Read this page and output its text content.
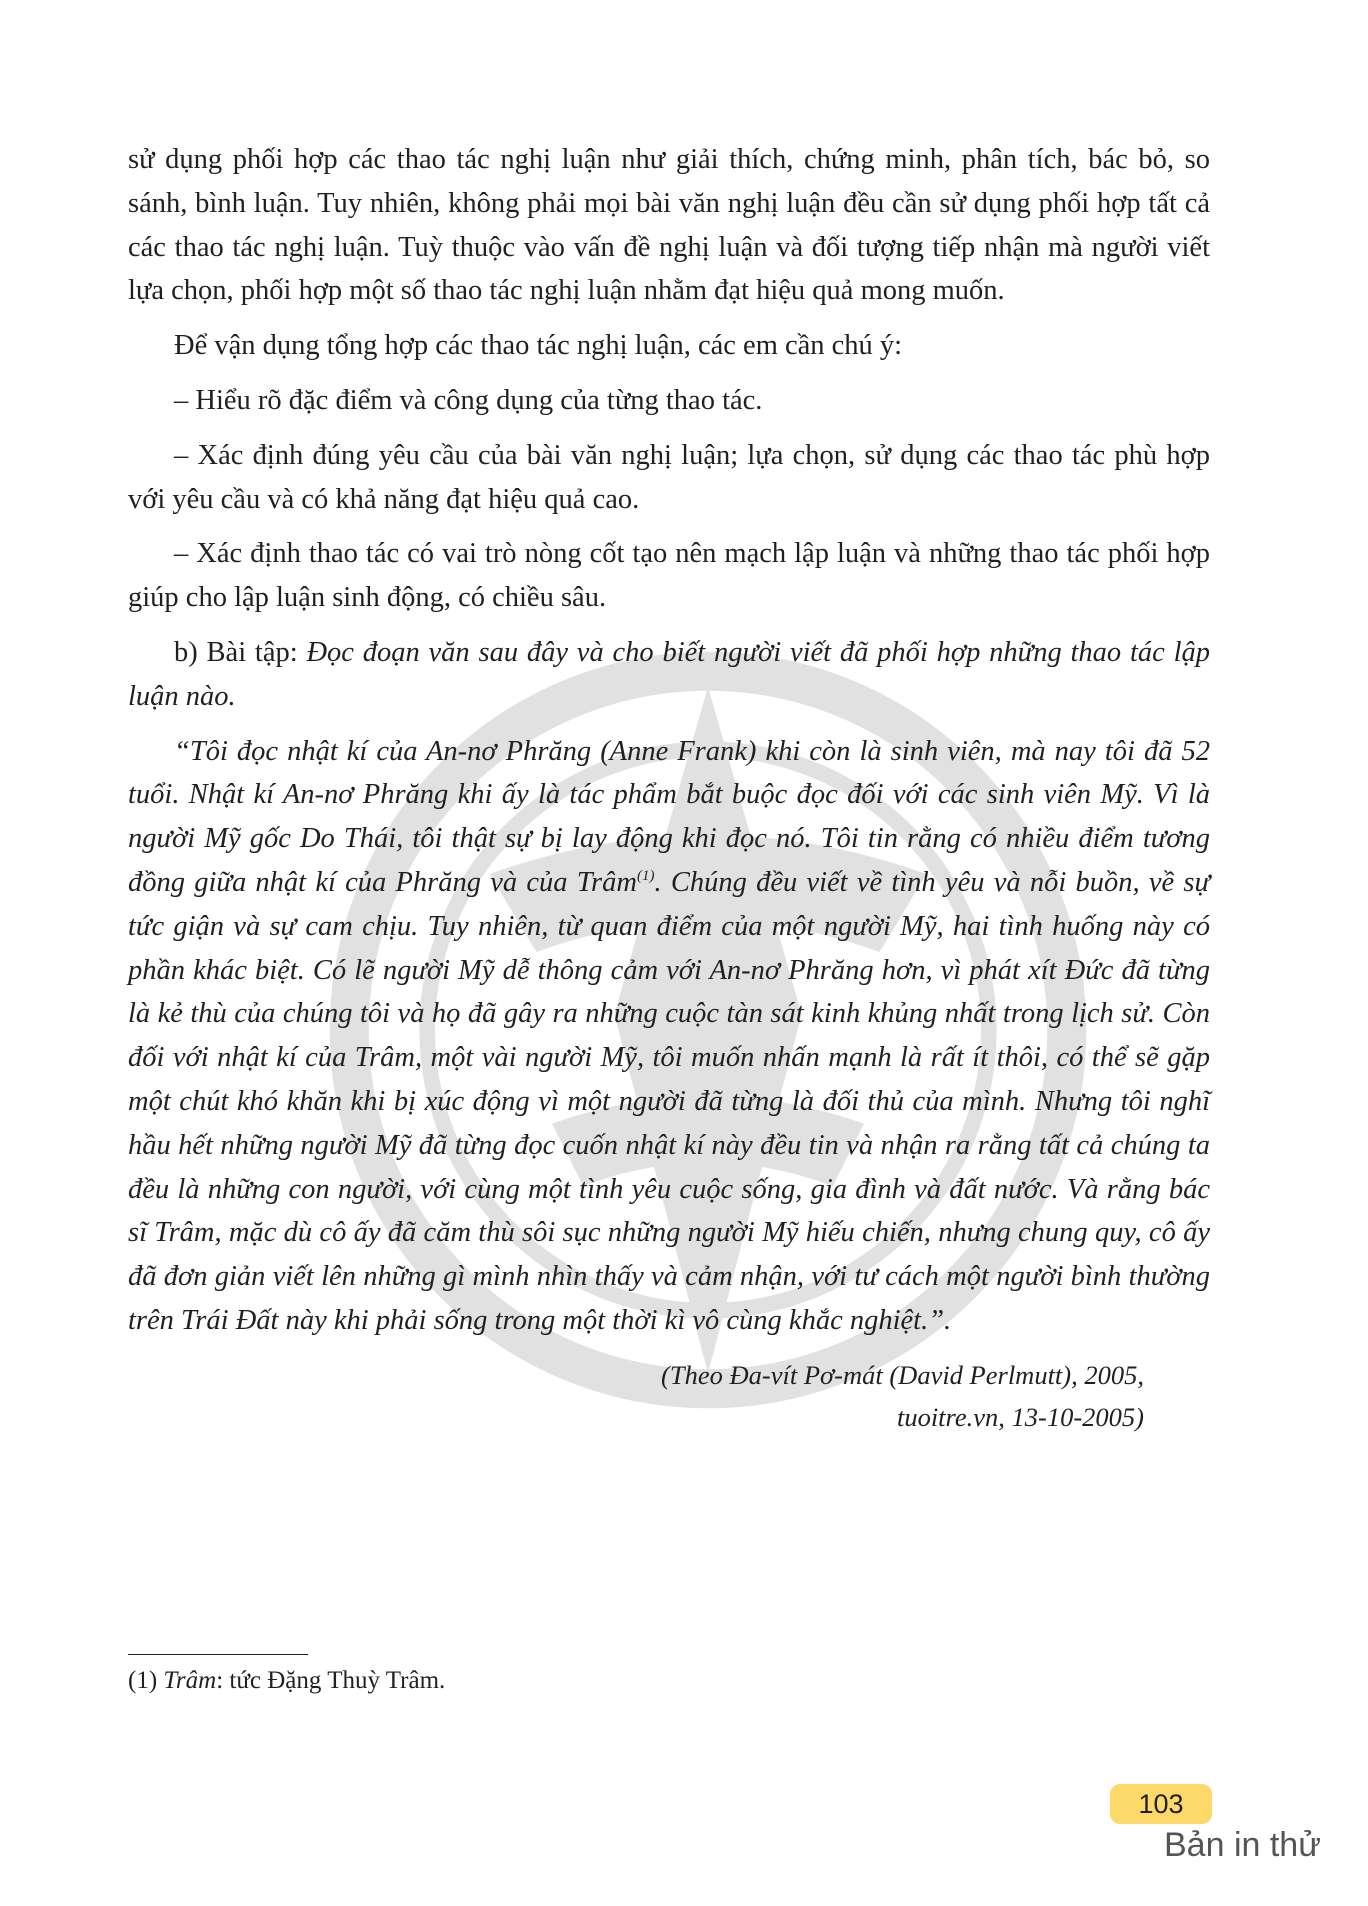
sử dụng phối hợp các thao tác nghị luận như giải thích, chứng minh, phân tích, bác bỏ, so sánh, bình luận. Tuy nhiên, không phải mọi bài văn nghị luận đều cần sử dụng phối hợp tất cả các thao tác nghị luận. Tuỳ thuộc vào vấn đề nghị luận và đối tượng tiếp nhận mà người viết lựa chọn, phối hợp một số thao tác nghị luận nhằm đạt hiệu quả mong muốn.

Để vận dụng tổng hợp các thao tác nghị luận, các em cần chú ý:

– Hiểu rõ đặc điểm và công dụng của từng thao tác.

– Xác định đúng yêu cầu của bài văn nghị luận; lựa chọn, sử dụng các thao tác phù hợp với yêu cầu và có khả năng đạt hiệu quả cao.

– Xác định thao tác có vai trò nòng cốt tạo nên mạch lập luận và những thao tác phối hợp giúp cho lập luận sinh động, có chiều sâu.

b) Bài tập: Đọc đoạn văn sau đây và cho biết người viết đã phối hợp những thao tác lập luận nào.

“Tôi đọc nhật kí của An-nơ Phrăng (Anne Frank) khi còn là sinh viên, mà nay tôi đã 52 tuổi. Nhật kí An-nơ Phrăng khi ấy là tác phẩm bắt buộc đọc đối với các sinh viên Mỹ. Vì là người Mỹ gốc Do Thái, tôi thật sự bị lay động khi đọc nó. Tôi tin rằng có nhiều điểm tương đồng giữa nhật kí của Phrăng và của Trâm$^{(1)}$. Chúng đều viết về tình yêu và nỗi buồn, về sự tức giận và sự cam chịu. Tuy nhiên, từ quan điểm của một người Mỹ, hai tình huống này có phần khác biệt. Có lẽ người Mỹ dễ thông cảm với An-nơ Phrăng hơn, vì phát xít Đức đã từng là kẻ thù của chúng tôi và họ đã gây ra những cuộc tàn sát kinh khủng nhất trong lịch sử. Còn đối với nhật kí của Trâm, một vài người Mỹ, tôi muốn nhấn mạnh là rất ít thôi, có thể sẽ gặp một chút khó khăn khi bị xúc động vì một người đã từng là đối thủ của mình. Nhưng tôi nghĩ hầu hết những người Mỹ đã từng đọc cuốn nhật kí này đều tin và nhận ra rằng tất cả chúng ta đều là những con người, với cùng một tình yêu cuộc sống, gia đình và đất nước. Và rằng bác sĩ Trâm, mặc dù cô ấy đã căm thù sôi sục những người Mỹ hiếu chiến, nhưng chung quy, cô ấy đã đơn giản viết lên những gì mình nhìn thấy và cảm nhận, với tư cách một người bình thường trên Trái Đất này khi phải sống trong một thời kì vô cùng khắc nghiệt.”.

(Theo Đa-vít Pơ-mát (David Perlmutt), 2005,
tuoitre.vn, 13-10-2005)
(1) Trâm: tức Đặng Thuỳ Trâm.
103
Bản in thử
